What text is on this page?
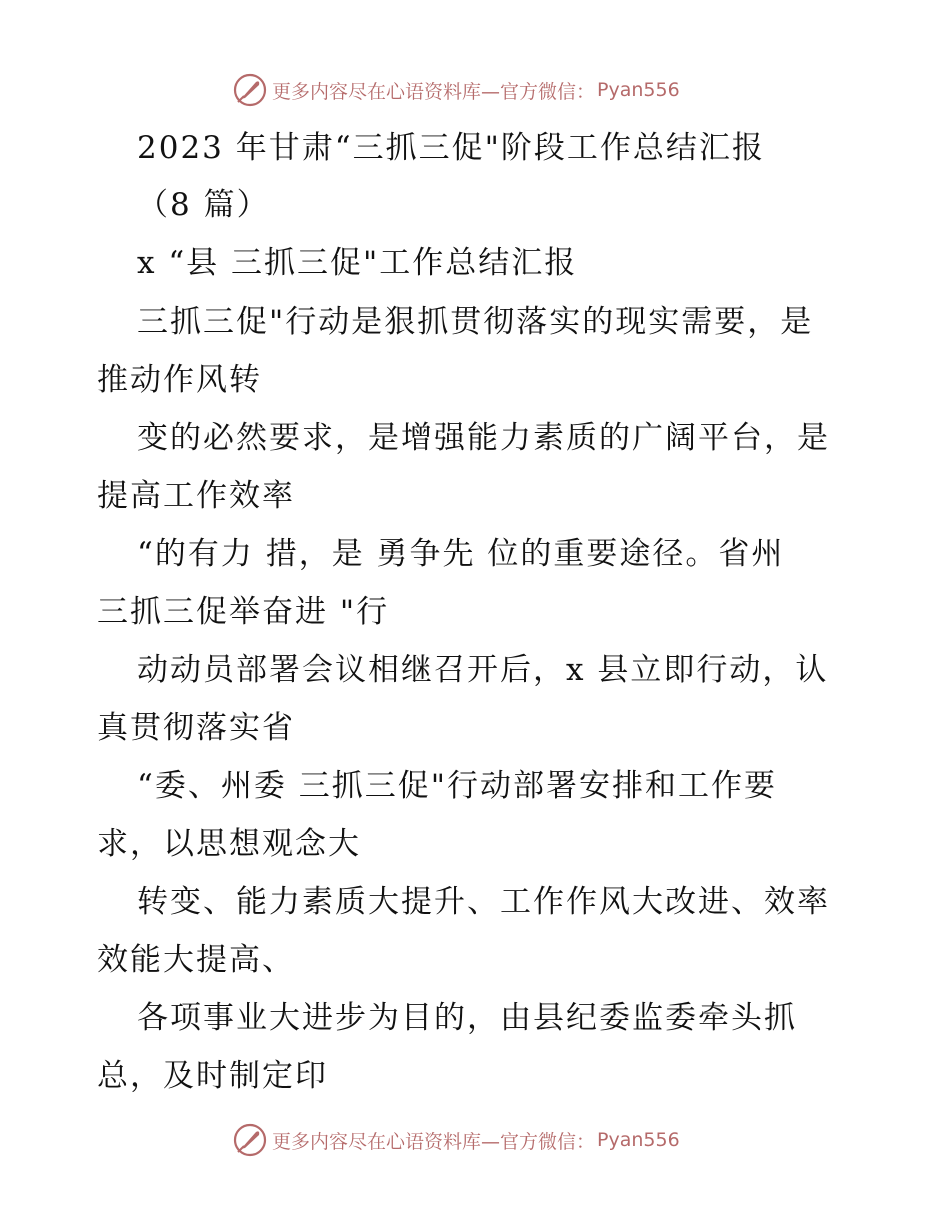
更多内容尽在心语资料库—官方微信： Pyan556
2023 年甘肃“三抓三促"阶段工作总结汇报
（8 篇）
x “县 三抓三促"工作总结汇报
三抓三促"行动是狠抓贯彻落实的现实需要，是
推动作风转
变的必然要求，是增强能力素质的广阔平台，是
提高工作效率
“的有力 措，是 勇争先 位的重要途径。省州
三抓三促举奋进 "行
动动员部署会议相继召开后，x 县立即行动，认
真贯彻落实省
“委、州委 三抓三促"行动部署安排和工作要
求，以思想观念大
转变、能力素质大提升、工作作风大改进、效率
效能大提高、
各项事业大进步为目的，由县纪委监委牵头抓
总，及时制定印
更多内容尽在心语资料库—官方微信： Pyan556
